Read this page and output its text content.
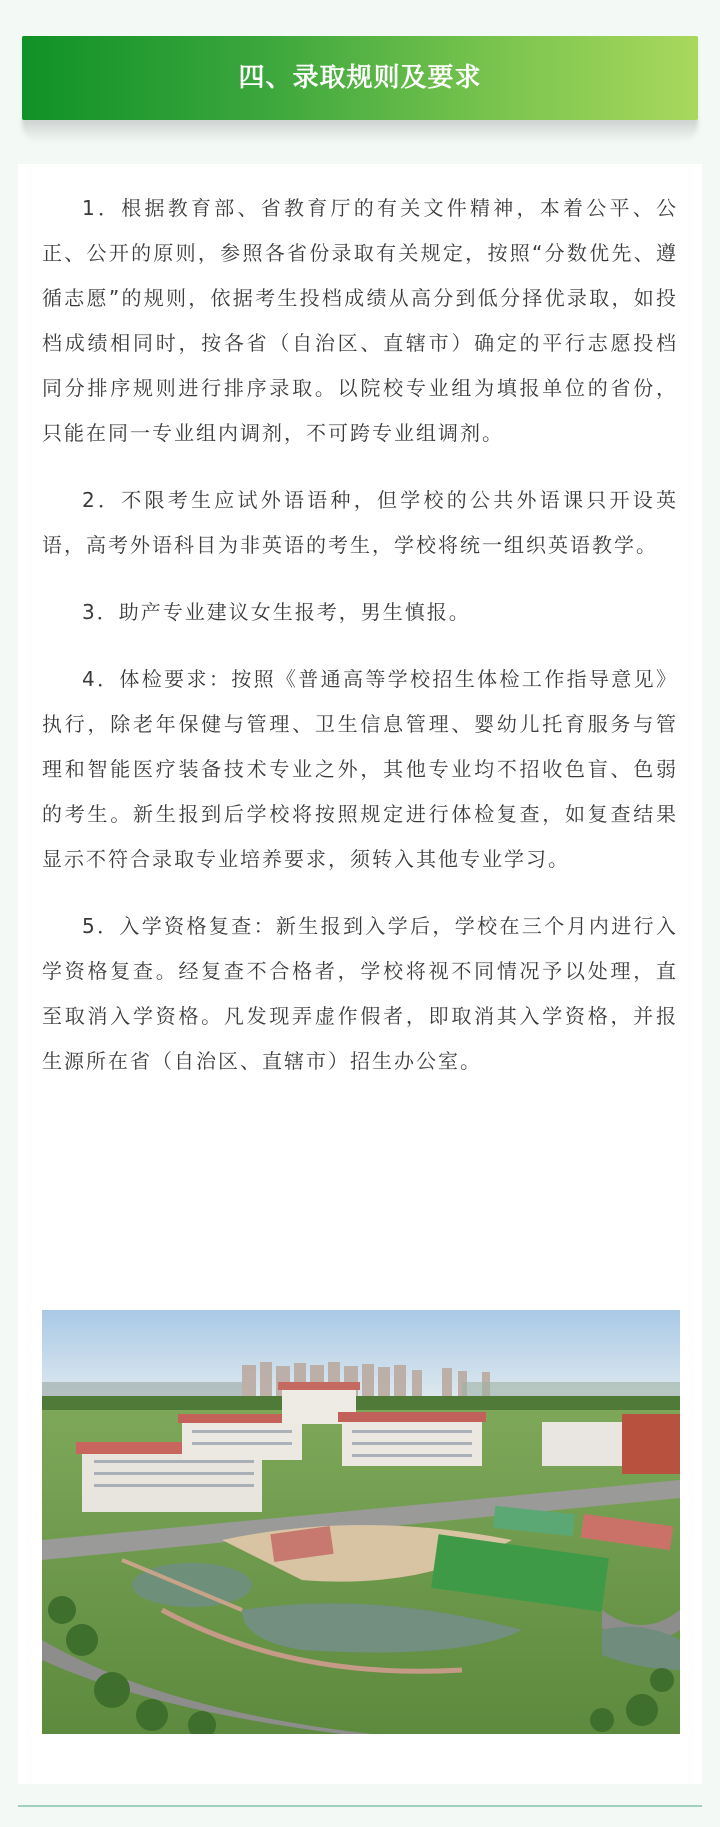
四、录取规则及要求

1．根据教育部、省教育厅的有关文件精神，本着公平、公正、公开的原则，参照各省份录取有关规定，按照“分数优先、遵循志愿”的规则，依据考生投档成绩从高分到低分择优录取，如投档成绩相同时，按各省（自治区、直辖市）确定的平行志愿投档同分排序规则进行排序录取。以院校专业组为填报单位的省份，只能在同一专业组内调剂，不可跨专业组调剂。

2．不限考生应试外语语种，但学校的公共外语课只开设英语，高考外语科目为非英语的考生，学校将统一组织英语教学。

3．助产专业建议女生报考，男生慎报。

4．体检要求：按照《普通高等学校招生体检工作指导意见》执行，除老年保健与管理、卫生信息管理、婴幼儿托育服务与管理和智能医疗装备技术专业之外，其他专业均不招收色盲、色弱的考生。新生报到后学校将按照规定进行体检复查，如复查结果显示不符合录取专业培养要求，须转入其他专业学习。

5．入学资格复查：新生报到入学后，学校在三个月内进行入学资格复查。经复查不合格者，学校将视不同情况予以处理，直至取消入学资格。凡发现弄虚作假者，即取消其入学资格，并报生源所在省（自治区、直辖市）招生办公室。
